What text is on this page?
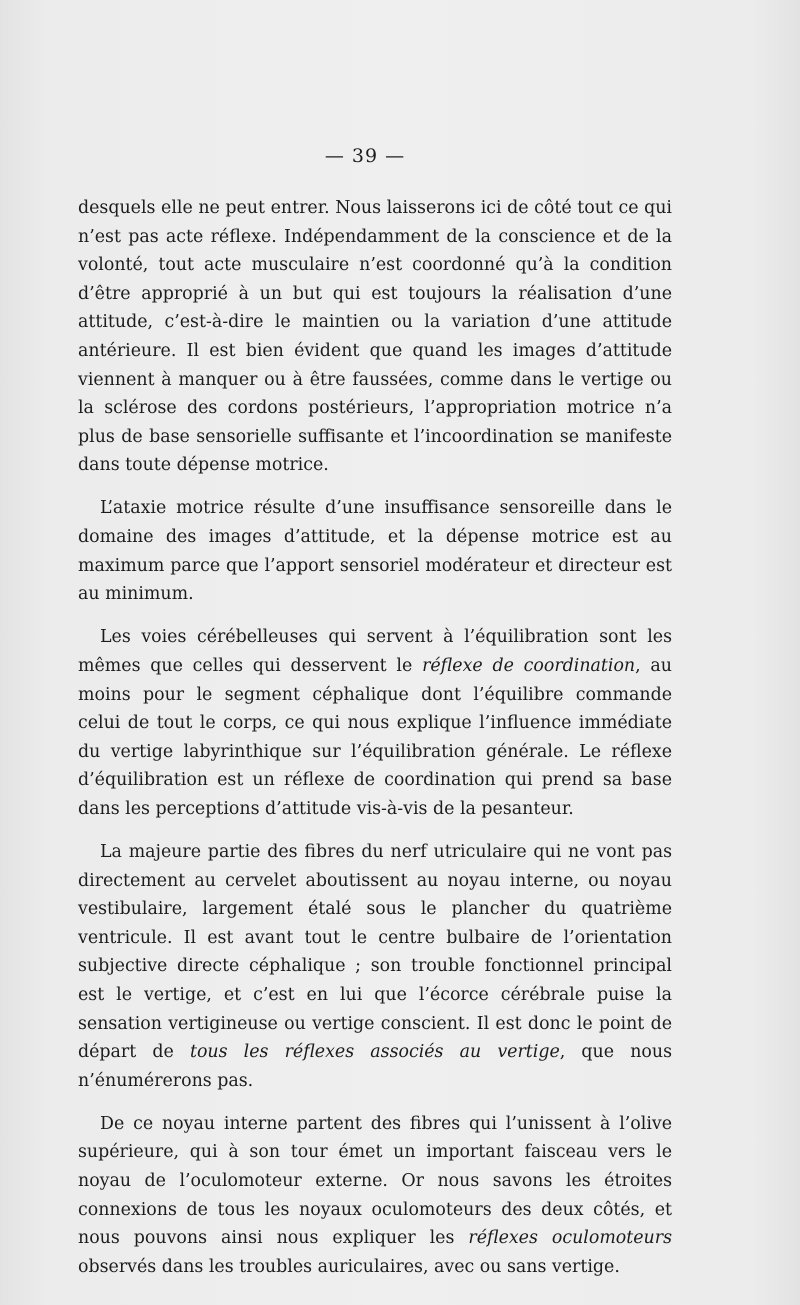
— 39 —

desquels elle ne peut entrer. Nous laisserons ici de côté tout ce qui n’est pas acte réflexe. Indépendamment de la conscience et de la volonté, tout acte musculaire n’est coordonné qu’à la condition d’être approprié à un but qui est toujours la réalisation d’une attitude, c’est-à-dire le maintien ou la variation d’une attitude antérieure. Il est bien évident que quand les images d’attitude viennent à manquer ou à être faussées, comme dans le vertige ou la sclérose des cordons postérieurs, l’appropriation motrice n’a plus de base sensorielle suffisante et l’incoordination se manifeste dans toute dépense motrice.

L’ataxie motrice résulte d’une insuffisance sensoreille dans le domaine des images d’attitude, et la dépense motrice est au maximum parce que l’apport sensoriel modérateur et directeur est au minimum.

Les voies cérébelleuses qui servent à l’équilibration sont les mêmes que celles qui desservent le réflexe de coordination, au moins pour le segment céphalique dont l’équilibre commande celui de tout le corps, ce qui nous explique l’influence immédiate du vertige labyrinthique sur l’équilibration générale. Le réflexe d’équilibration est un réflexe de coordination qui prend sa base dans les perceptions d’attitude vis-à-vis de la pesanteur.

La majeure partie des fibres du nerf utriculaire qui ne vont pas directement au cervelet aboutissent au noyau interne, ou noyau vestibulaire, largement étalé sous le plancher du quatrième ventricule. Il est avant tout le centre bulbaire de l’orientation subjective directe céphalique ; son trouble fonctionnel principal est le vertige, et c’est en lui que l’écorce cérébrale puise la sensation vertigineuse ou vertige conscient. Il est donc le point de départ de tous les réflexes associés au vertige, que nous n’énumérerons pas.

De ce noyau interne partent des fibres qui l’unissent à l’olive supérieure, qui à son tour émet un important faisceau vers le noyau de l’oculomoteur externe. Or nous savons les étroites connexions de tous les noyaux oculomoteurs des deux côtés, et nous pouvons ainsi nous expliquer les réflexes oculomoteurs observés dans les troubles auriculaires, avec ou sans vertige.
